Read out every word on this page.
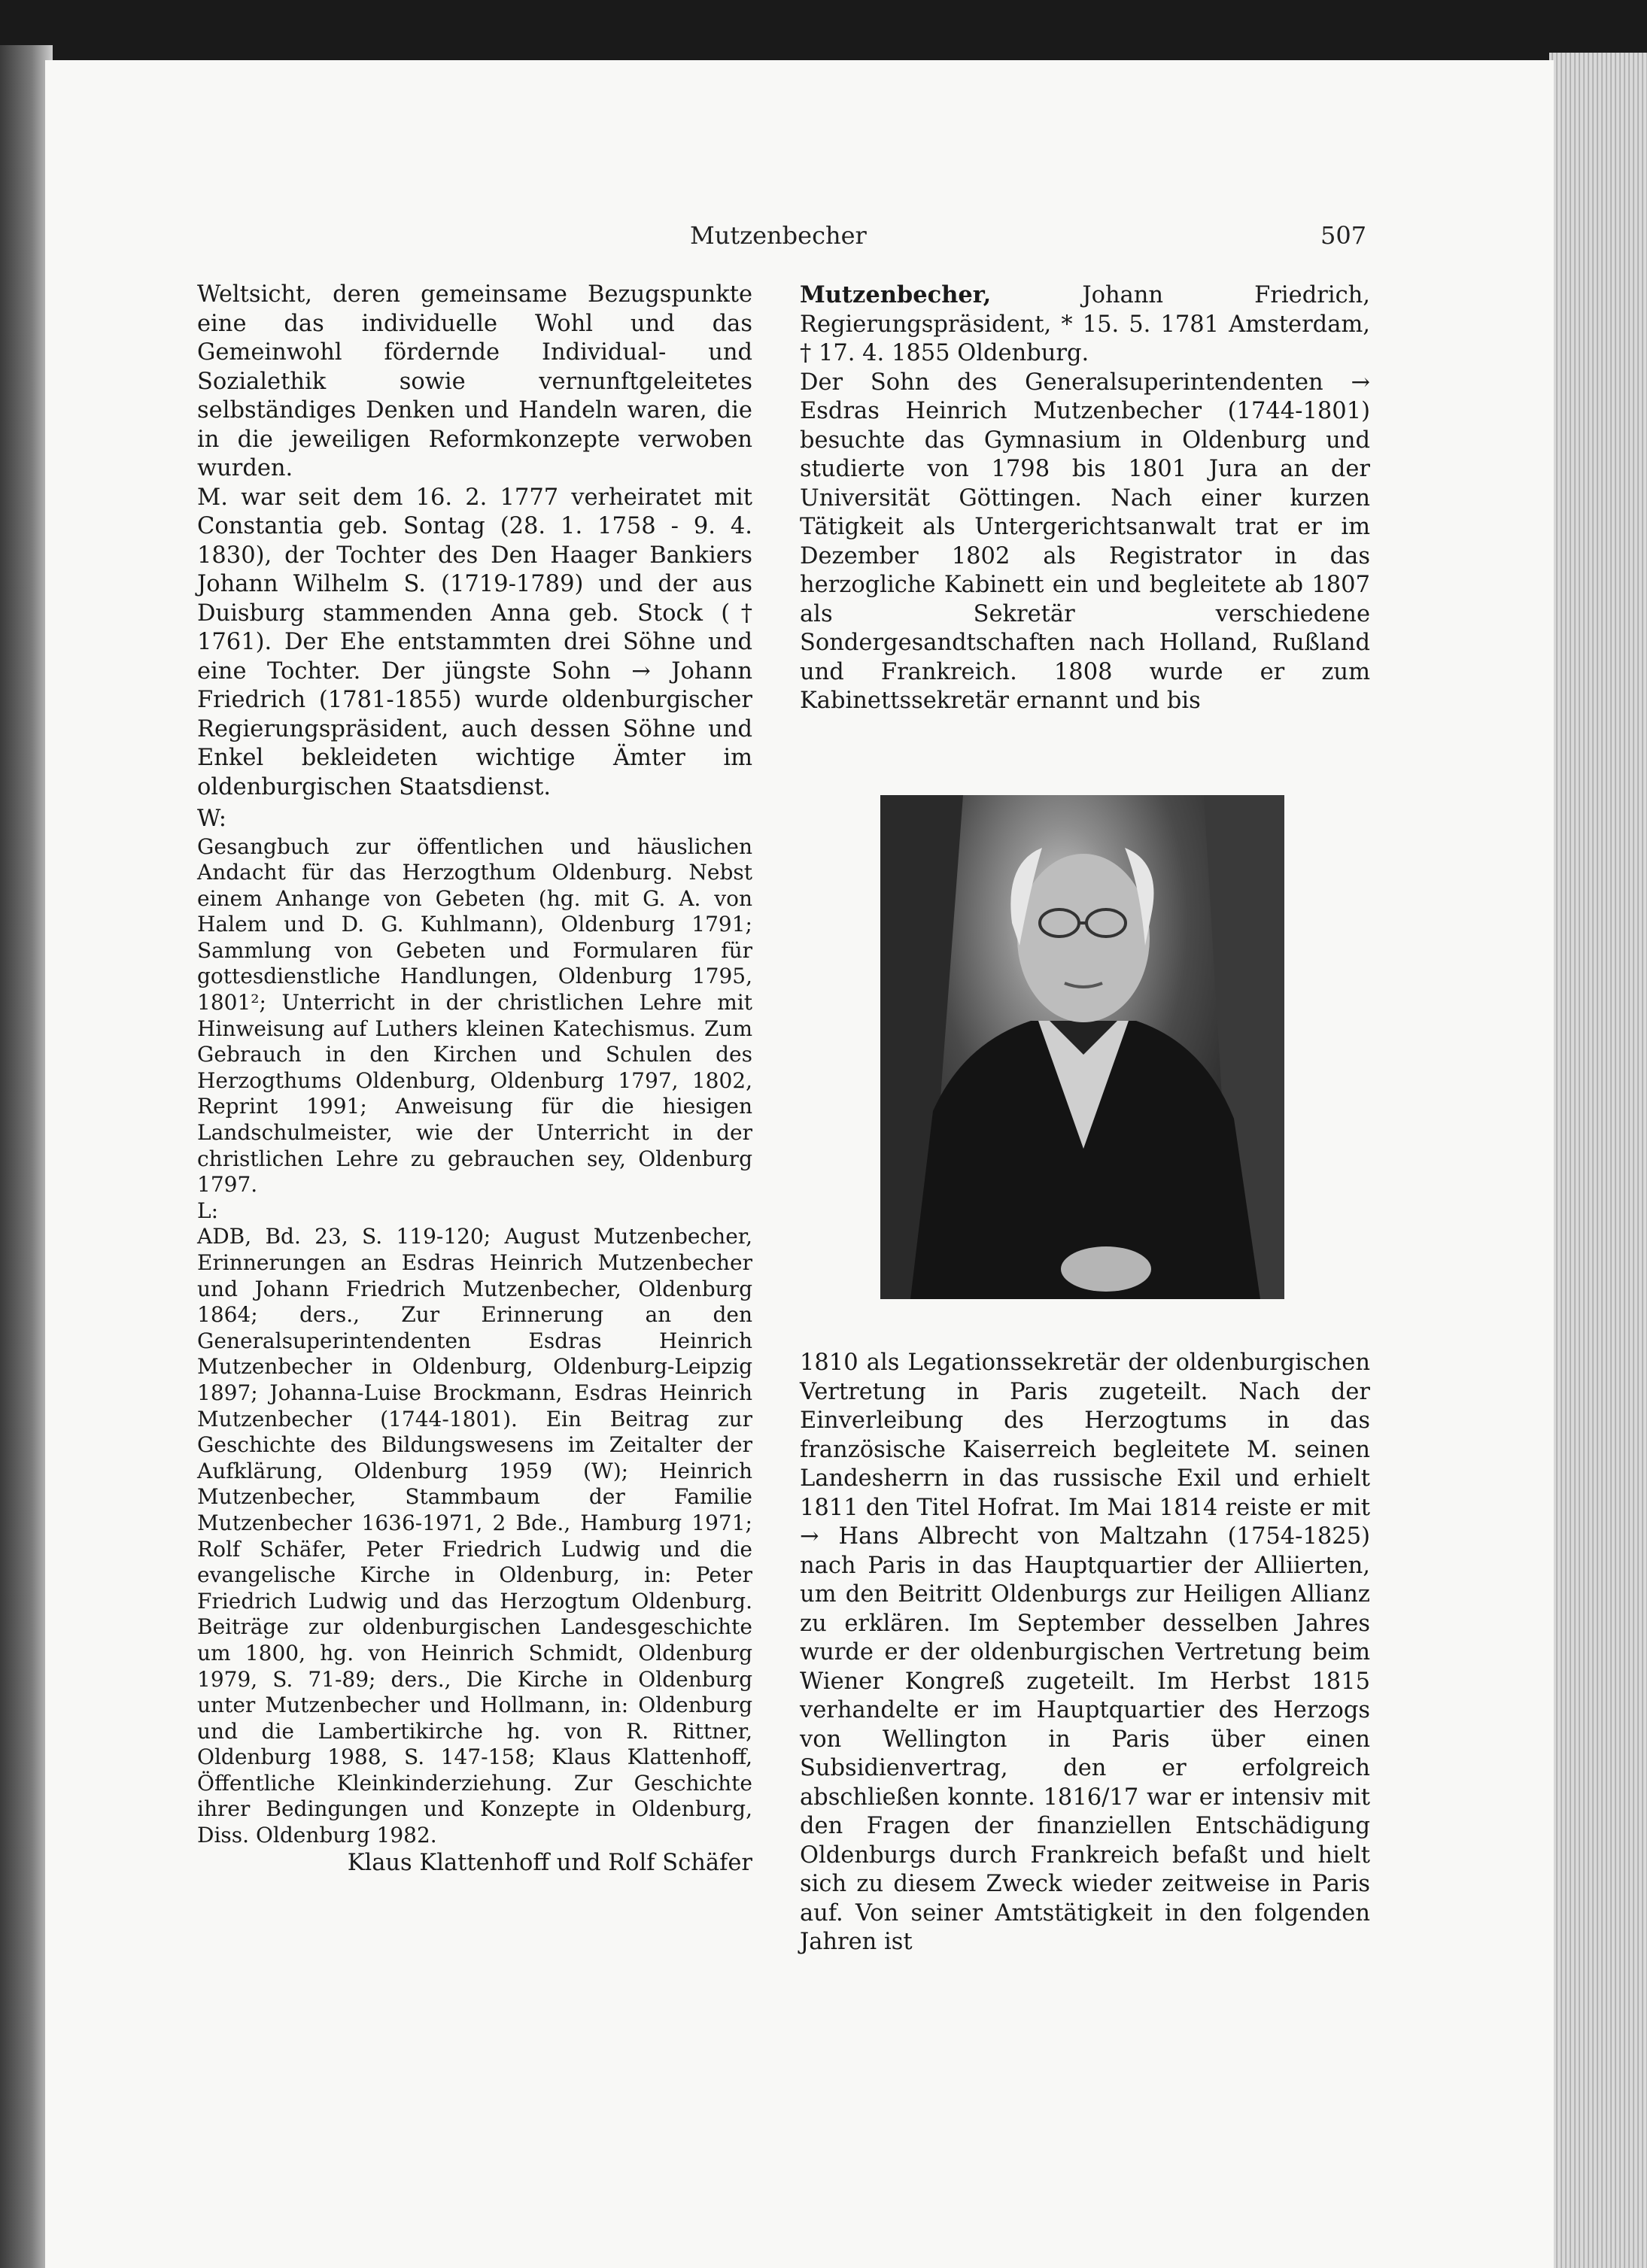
Mutzenbecher	507

Weltsicht, deren gemeinsame Bezugspunkte eine das individuelle Wohl und das Gemeinwohl fördernde Individual- und Sozialethik sowie vernunftgeleitetes selbständiges Denken und Handeln waren, die in die jeweiligen Reformkonzepte verwoben wurden.

M. war seit dem 16. 2. 1777 verheiratet mit Constantia geb. Sontag (28. 1. 1758 - 9. 4. 1830), der Tochter des Den Haager Bankiers Johann Wilhelm S. (1719-1789) und der aus Duisburg stammenden Anna geb. Stock († 1761). Der Ehe entstammten drei Söhne und eine Tochter. Der jüngste Sohn → Johann Friedrich (1781-1855) wurde oldenburgischer Regierungspräsident, auch dessen Söhne und Enkel bekleideten wichtige Ämter im oldenburgischen Staatsdienst.

W:

Gesangbuch zur öffentlichen und häuslichen Andacht für das Herzogthum Oldenburg. Nebst einem Anhange von Gebeten (hg. mit G. A. von Halem und D. G. Kuhlmann), Oldenburg 1791; Sammlung von Gebeten und Formularen für gottesdienstliche Handlungen, Oldenburg 1795, 1801²; Unterricht in der christlichen Lehre mit Hinweisung auf Luthers kleinen Katechismus. Zum Gebrauch in den Kirchen und Schulen des Herzogthums Oldenburg, Oldenburg 1797, 1802, Reprint 1991; Anweisung für die hiesigen Landschulmeister, wie der Unterricht in der christlichen Lehre zu gebrauchen sey, Oldenburg 1797.

L:

ADB, Bd. 23, S. 119-120; August Mutzenbecher, Erinnerungen an Esdras Heinrich Mutzenbecher und Johann Friedrich Mutzenbecher, Oldenburg 1864; ders., Zur Erinnerung an den Generalsuperintendenten Esdras Heinrich Mutzenbecher in Oldenburg, Oldenburg-Leipzig 1897; Johanna-Luise Brockmann, Esdras Heinrich Mutzenbecher (1744-1801). Ein Beitrag zur Geschichte des Bildungswesens im Zeitalter der Aufklärung, Oldenburg 1959 (W); Heinrich Mutzenbecher, Stammbaum der Familie Mutzenbecher 1636-1971, 2 Bde., Hamburg 1971; Rolf Schäfer, Peter Friedrich Ludwig und die evangelische Kirche in Oldenburg, in: Peter Friedrich Ludwig und das Herzogtum Oldenburg. Beiträge zur oldenburgischen Landesgeschichte um 1800, hg. von Heinrich Schmidt, Oldenburg 1979, S. 71-89; ders., Die Kirche in Oldenburg unter Mutzenbecher und Hollmann, in: Oldenburg und die Lambertikirche hg. von R. Rittner, Oldenburg 1988, S. 147-158; Klaus Klattenhoff, Öffentliche Kleinkinderziehung. Zur Geschichte ihrer Bedingungen und Konzepte in Oldenburg, Diss. Oldenburg 1982.

Klaus Klattenhoff und Rolf Schäfer

Mutzenbecher, Johann Friedrich, Regierungspräsident, * 15. 5. 1781 Amsterdam, † 17. 4. 1855 Oldenburg.

Der Sohn des Generalsuperintendenten → Esdras Heinrich Mutzenbecher (1744-1801) besuchte das Gymnasium in Oldenburg und studierte von 1798 bis 1801 Jura an der Universität Göttingen. Nach einer kurzen Tätigkeit als Untergerichtsanwalt trat er im Dezember 1802 als Registrator in das herzogliche Kabinett ein und begleitete ab 1807 als Sekretär verschiedene Sondergesandtschaften nach Holland, Rußland und Frankreich. 1808 wurde er zum Kabinettssekretär ernannt und bis

1810 als Legationssekretär der oldenburgischen Vertretung in Paris zugeteilt. Nach der Einverleibung des Herzogtums in das französische Kaiserreich begleitete M. seinen Landesherrn in das russische Exil und erhielt 1811 den Titel Hofrat. Im Mai 1814 reiste er mit → Hans Albrecht von Maltzahn (1754-1825) nach Paris in das Hauptquartier der Alliierten, um den Beitritt Oldenburgs zur Heiligen Allianz zu erklären. Im September desselben Jahres wurde er der oldenburgischen Vertretung beim Wiener Kongreß zugeteilt. Im Herbst 1815 verhandelte er im Hauptquartier des Herzogs von Wellington in Paris über einen Subsidienvertrag, den er erfolgreich abschließen konnte. 1816/17 war er intensiv mit den Fragen der finanziellen Entschädigung Oldenburgs durch Frankreich befaßt und hielt sich zu diesem Zweck wieder zeitweise in Paris auf. Von seiner Amtstätigkeit in den folgenden Jahren ist
